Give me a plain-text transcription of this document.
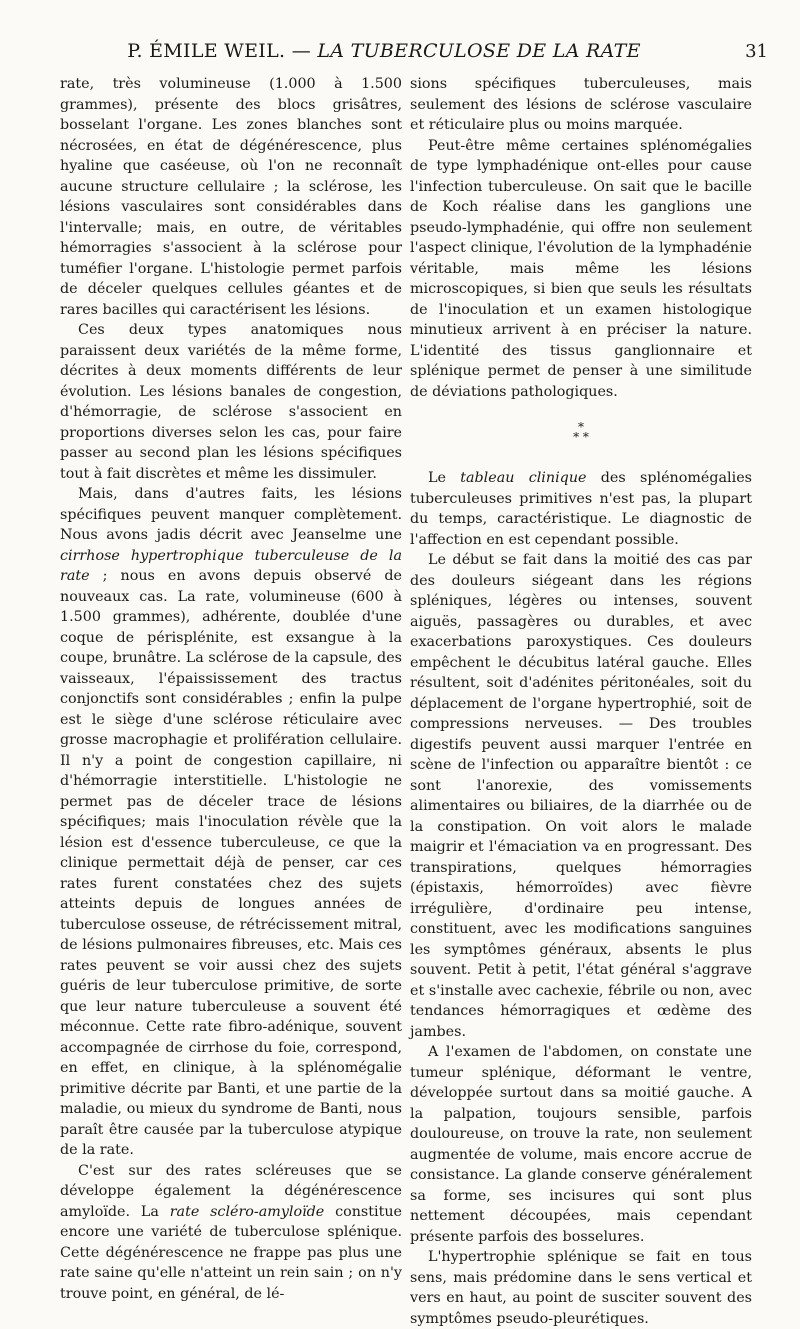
P. ÉMILE WEIL. — LA TUBERCULOSE DE LA RATE	31

rate, très volumineuse (1.000 à 1.500 grammes), présente des blocs grisâtres, bosselant l'organe. Les zones blanches sont nécrosées, en état de dégénérescence, plus hyaline que caséeuse, où l'on ne reconnaît aucune structure cellulaire ; la sclérose, les lésions vasculaires sont considérables dans l'intervalle; mais, en outre, de véritables hémorragies s'associent à la sclérose pour tuméfier l'organe. L'histologie permet parfois de déceler quelques cellules géantes et de rares bacilles qui caractérisent les lésions.

Ces deux types anatomiques nous paraissent deux variétés de la même forme, décrites à deux moments différents de leur évolution. Les lésions banales de congestion, d'hémorragie, de sclérose s'associent en proportions diverses selon les cas, pour faire passer au second plan les lésions spécifiques tout à fait discrètes et même les dissimuler.

Mais, dans d'autres faits, les lésions spécifiques peuvent manquer complètement. Nous avons jadis décrit avec Jeanselme une cirrhose hypertrophique tuberculeuse de la rate ; nous en avons depuis observé de nouveaux cas. La rate, volumineuse (600 à 1.500 grammes), adhérente, doublée d'une coque de périsplénite, est exsangue à la coupe, brunâtre. La sclérose de la capsule, des vaisseaux, l'épaississement des tractus conjonctifs sont considérables ; enfin la pulpe est le siège d'une sclérose réticulaire avec grosse macrophagie et prolifération cellulaire. Il n'y a point de congestion capillaire, ni d'hémorragie interstitielle. L'histologie ne permet pas de déceler trace de lésions spécifiques; mais l'inoculation révèle que la lésion est d'essence tuberculeuse, ce que la clinique permettait déjà de penser, car ces rates furent constatées chez des sujets atteints depuis de longues années de tuberculose osseuse, de rétrécissement mitral, de lésions pulmonaires fibreuses, etc. Mais ces rates peuvent se voir aussi chez des sujets guéris de leur tuberculose primitive, de sorte que leur nature tuberculeuse a souvent été méconnue. Cette rate fibro-adénique, souvent accompagnée de cirrhose du foie, correspond, en effet, en clinique, à la splénomégalie primitive décrite par Banti, et une partie de la maladie, ou mieux du syndrome de Banti, nous paraît être causée par la tuberculose atypique de la rate.

C'est sur des rates scléreuses que se développe également la dégénérescence amyloïde. La rate scléro-amyloïde constitue encore une variété de tuberculose splénique. Cette dégénérescence ne frappe pas plus une rate saine qu'elle n'atteint un rein sain ; on n'y trouve point, en général, de lé-

sions spécifiques tuberculeuses, mais seulement des lésions de sclérose vasculaire et réticulaire plus ou moins marquée.

Peut-être même certaines splénomégalies de type lymphadénique ont-elles pour cause l'infection tuberculeuse. On sait que le bacille de Koch réalise dans les ganglions une pseudo-lymphadénie, qui offre non seulement l'aspect clinique, l'évolution de la lymphadénie véritable, mais même les lésions microscopiques, si bien que seuls les résultats de l'inoculation et un examen histologique minutieux arrivent à en préciser la nature. L'identité des tissus ganglionnaire et splénique permet de penser à une similitude de déviations pathologiques.

*
* *

Le tableau clinique des splénomégalies tuberculeuses primitives n'est pas, la plupart du temps, caractéristique. Le diagnostic de l'affection en est cependant possible.

Le début se fait dans la moitié des cas par des douleurs siégeant dans les régions spléniques, légères ou intenses, souvent aiguës, passagères ou durables, et avec exacerbations paroxystiques. Ces douleurs empêchent le décubitus latéral gauche. Elles résultent, soit d'adénites péritonéales, soit du déplacement de l'organe hypertrophié, soit de compressions nerveuses. — Des troubles digestifs peuvent aussi marquer l'entrée en scène de l'infection ou apparaître bientôt : ce sont l'anorexie, des vomissements alimentaires ou biliaires, de la diarrhée ou de la constipation. On voit alors le malade maigrir et l'émaciation va en progressant. Des transpirations, quelques hémorragies (épistaxis, hémorroïdes) avec fièvre irrégulière, d'ordinaire peu intense, constituent, avec les modifications sanguines les symptômes généraux, absents le plus souvent. Petit à petit, l'état général s'aggrave et s'installe avec cachexie, fébrile ou non, avec tendances hémorragiques et œdème des jambes.

A l'examen de l'abdomen, on constate une tumeur splénique, déformant le ventre, développée surtout dans sa moitié gauche. A la palpation, toujours sensible, parfois douloureuse, on trouve la rate, non seulement augmentée de volume, mais encore accrue de consistance. La glande conserve généralement sa forme, ses incisures qui sont plus nettement découpées, mais cependant présente parfois des bosselures.

L'hypertrophie splénique se fait en tous sens, mais prédomine dans le sens vertical et vers en haut, au point de susciter souvent des symptômes pseudo-pleurétiques.
